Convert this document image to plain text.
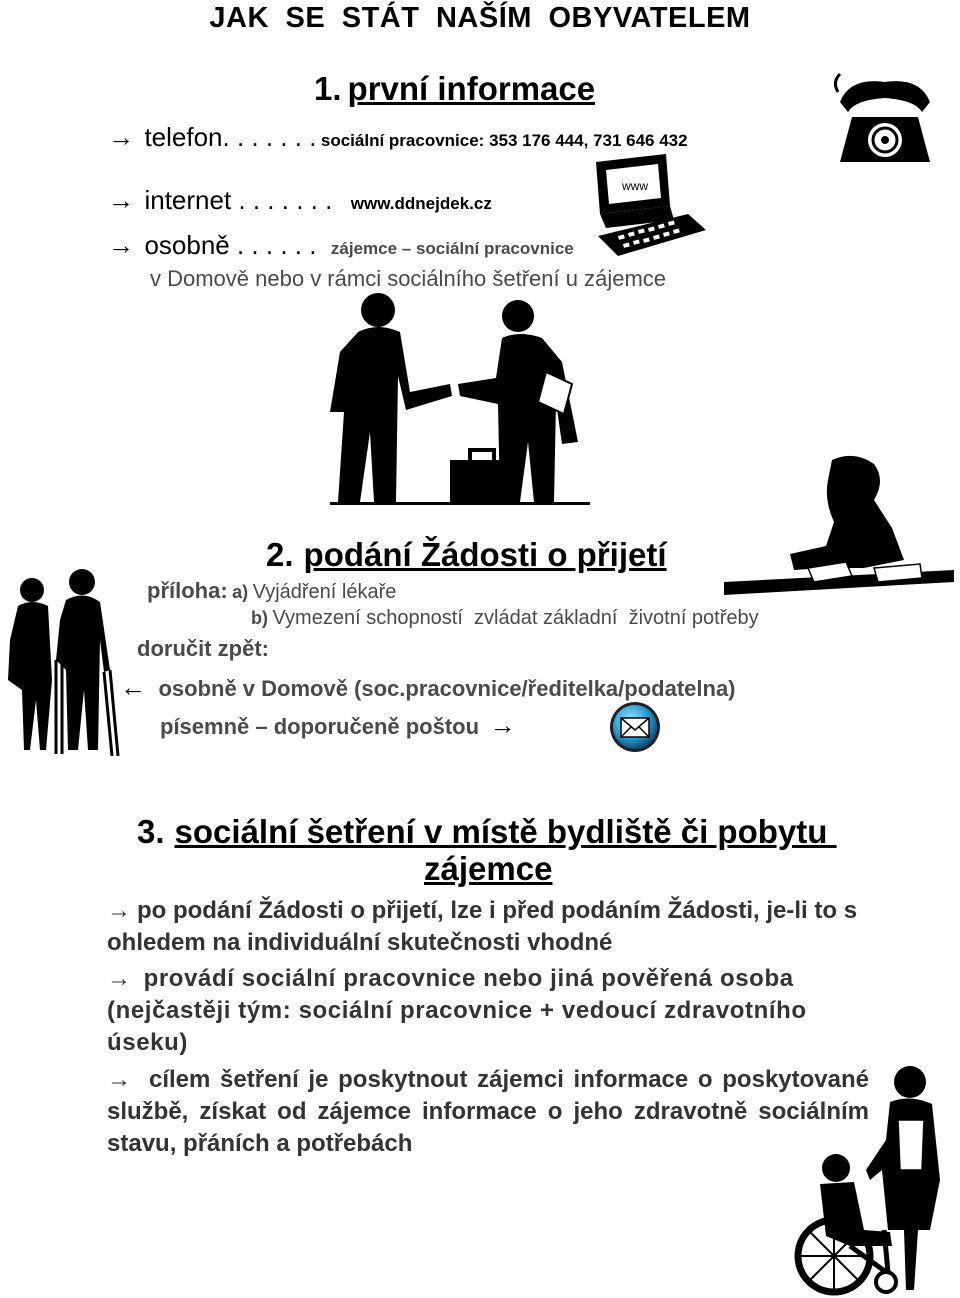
JAK SE STÁT NAŠÍM OBYVATELEM
1. první informace
→ telefon. . . . . . . sociální pracovnice: 353 176 444, 731 646 432
→ internet . . . . . . . www.ddnejdek.cz
→ osobně . . . . . . zájemce – sociální pracovnice
v Domově nebo v rámci sociálního šetření u zájemce
www
2. podání Žádosti o přijetí
příloha: a) Vyjádření lékaře
b) Vymezení schopností  zvládat základní  životní potřeby
doručit zpět:
← osobně v Domově (soc.pracovnice/ředitelka/podatelna)
písemně – doporučeně poštou →
3. sociální šetření v místě bydliště či pobytu
zájemce
→ po podání Žádosti o přijetí, lze i před podáním Žádosti, je-li to s ohledem na individuální skutečnosti vhodné
→ provádí sociální pracovnice nebo jiná pověřená osoba (nejčastěji tým: sociální pracovnice + vedoucí zdravotního úseku)
→ cílem šetření je poskytnout zájemci informace o poskytované službě, získat od zájemce informace o jeho zdravotně sociálním stavu, přáních a potřebách
